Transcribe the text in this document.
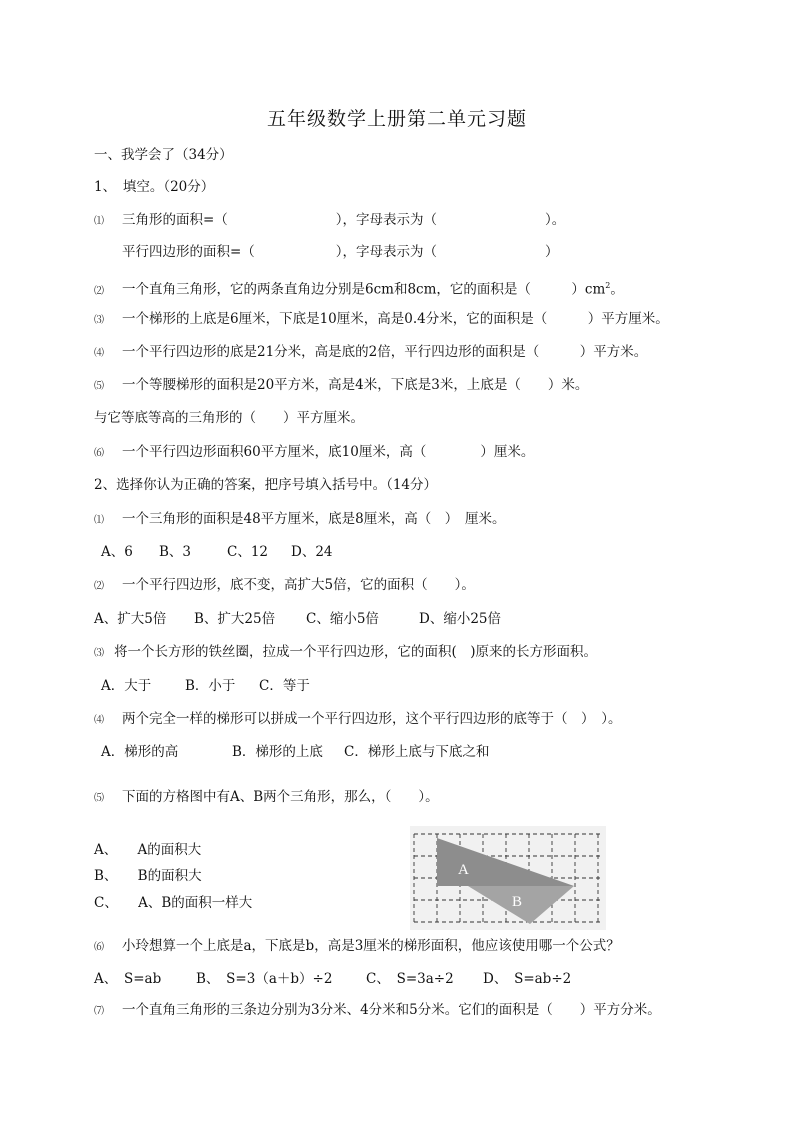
五年级数学上册第二单元习题
一、我学会了（34分）
1、　填空。（20分）
⑴ 三角形的面积=（　　　　　　　　），字母表示为（　　　　　　　　）。
平行四边形的面积=（　　　　　　），字母表示为（　　　　　　　　）
⑵ 一个直角三角形，它的两条直角边分别是6cm和8cm，它的面积是（　　　）$cm^2$。
⑶ 一个梯形的上底是6厘米，下底是10厘米，高是0.4分米，它的面积是（　　　）平方厘米。
⑷ 一个平行四边形的底是21分米，高是底的2倍，平行四边形的面积是（　　　）平方米。
⑸ 一个等腰梯形的面积是20平方米，高是4米，下底是3米，上底是（　　）米。
与它等底等高的三角形的（　　）平方厘米。
⑹ 一个平行四边形面积60平方厘米，底10厘米，高（　　　　）厘米。
2、选择你认为正确的答案，把序号填入括号中。（14分）
⑴ 一个三角形的面积是48平方厘米，底是8厘米，高（　）　厘米。
A、6 B、3	C、12 D、24
⑵ 一个平行四边形，底不变，高扩大5倍，它的面积（　　）。
A、扩大5倍 B、扩大25倍 C、缩小5倍	D、缩小25倍
⑶ 将一个长方形的铁丝圈，拉成一个平行四边形，它的面积(　)原来的长方形面积。
A．大于	B．小于 C．等于
⑷ 两个完全一样的梯形可以拼成一个平行四边形，这个平行四边形的底等于（　）　）。
A．梯形的高	B．梯形的上底 C．梯形上底与下底之和
⑸ 下面的方格图中有A、B两个三角形，那么，（　　）。
A、　　A的面积大
B、　　B的面积大
C、　　A、B的面积一样大
A
B
⑹ 小玲想算一个上底是a，下底是b，高是3厘米的梯形面积，他应该使用哪一个公式？
A、　S=ab	B、　S=3（a＋b）÷2 C、　S=3a÷2 D、　S=ab÷2
⑺ 一个直角三角形的三条边分别为3分米、4分米和5分米。它们的面积是（　　）平方分米。
